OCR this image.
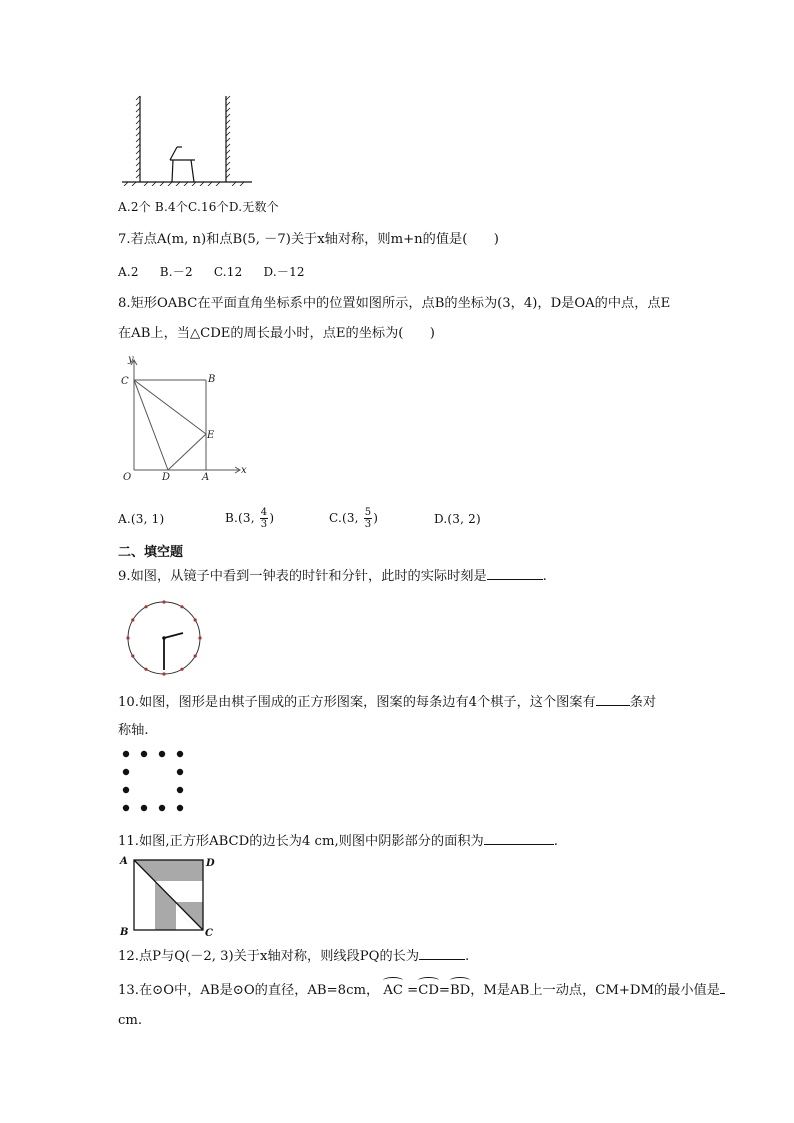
A.2个 B.4个C.16个D.无数个
7.若点A(m, n)和点B(5, －7)关于x轴对称，则m+n的值是(　　)
A.2 B.－2 C.12 D.－12
8.矩形OABC在平面直角坐标系中的位置如图所示，点B的坐标为(3，4)，D是OA的中点，点E
在AB上，当△CDE的周长最小时，点E的坐标为(　　)
y
x
C	B
E
O	D	A
A.(3, 1)	B.(3, $\frac{4}{3}$ )	C.(3, $\frac{5}{3}$ )	D.(3, 2)
二、填空题
9.如图，从镜子中看到一钟表的时针和分针，此时的实际时刻是	.
10.如图，图形是由棋子围成的正方形图案，图案的每条边有4个棋子，这个图案有	条对
称轴.
11.如图,正方形ABCD的边长为4 cm,则图中阴影部分的面积为	.
A	D
B	C
12.点P与Q(－2, 3)关于x轴对称，则线段PQ的长为	.
13.在⊙O中，AB是⊙O的直径，AB=8cm， AC =CD=BD，M是AB上一动点，CM+DM的最小值是
cm.
